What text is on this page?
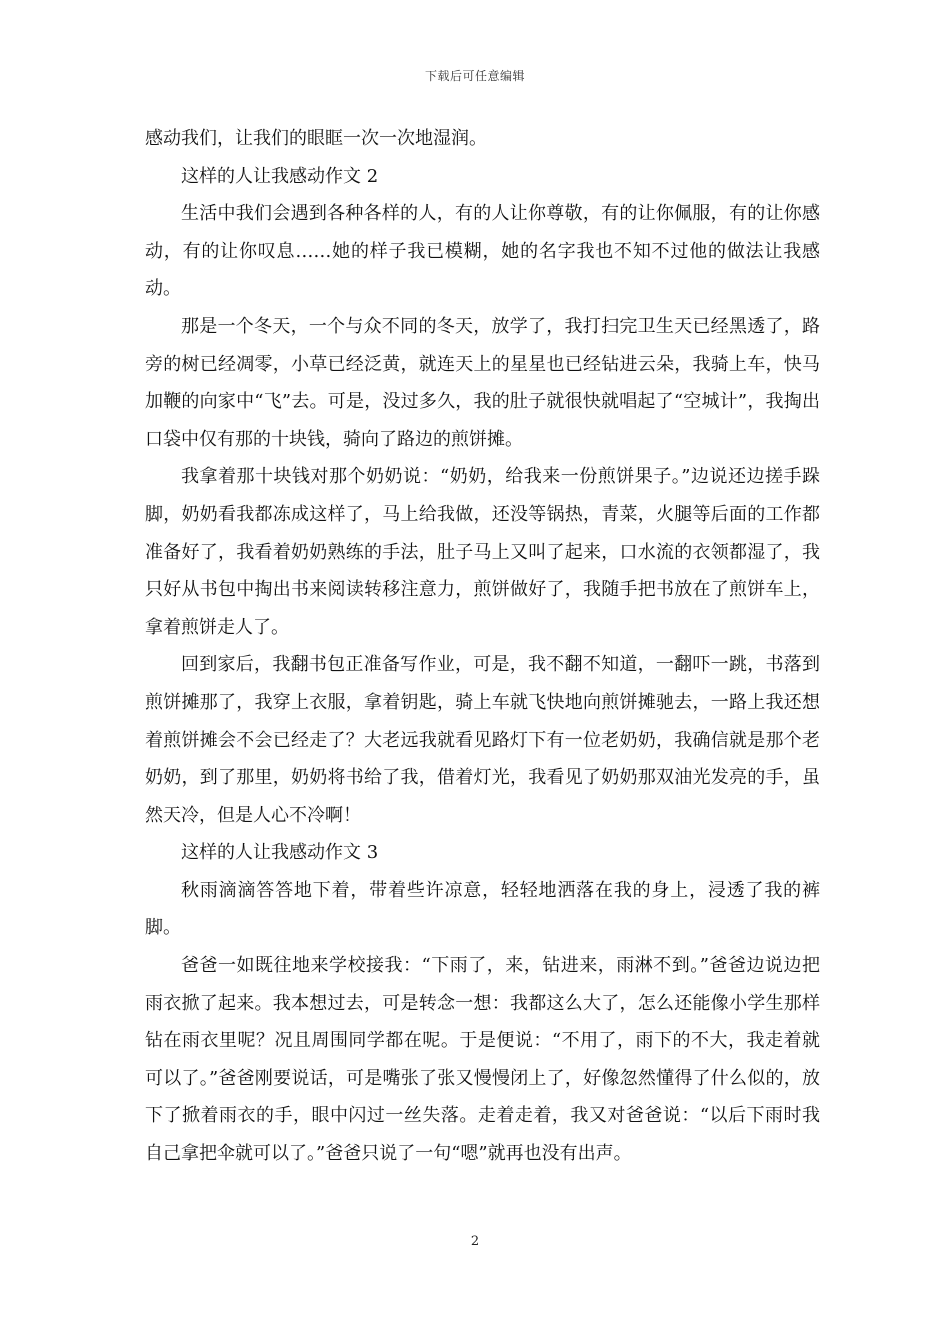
下载后可任意编辑

感动我们，让我们的眼眶一次一次地湿润。

这样的人让我感动作文 2

生活中我们会遇到各种各样的人，有的人让你尊敬，有的让你佩服，有的让你感动，有的让你叹息……她的样子我已模糊，她的名字我也不知不过他的做法让我感动。

那是一个冬天，一个与众不同的冬天，放学了，我打扫完卫生天已经黑透了，路旁的树已经凋零，小草已经泛黄，就连天上的星星也已经钻进云朵，我骑上车，快马加鞭的向家中“飞”去。可是，没过多久，我的肚子就很快就唱起了“空城计”，我掏出口袋中仅有那的十块钱，骑向了路边的煎饼摊。

我拿着那十块钱对那个奶奶说：“奶奶，给我来一份煎饼果子。”边说还边搓手跺脚，奶奶看我都冻成这样了，马上给我做，还没等锅热，青菜，火腿等后面的工作都准备好了，我看着奶奶熟练的手法，肚子马上又叫了起来，口水流的衣领都湿了，我只好从书包中掏出书来阅读转移注意力，煎饼做好了，我随手把书放在了煎饼车上，拿着煎饼走人了。

回到家后，我翻书包正准备写作业，可是，我不翻不知道，一翻吓一跳，书落到煎饼摊那了，我穿上衣服，拿着钥匙，骑上车就飞快地向煎饼摊驰去，一路上我还想着煎饼摊会不会已经走了？大老远我就看见路灯下有一位老奶奶，我确信就是那个老奶奶，到了那里，奶奶将书给了我，借着灯光，我看见了奶奶那双油光发亮的手，虽然天冷，但是人心不冷啊！

这样的人让我感动作文 3

秋雨滴滴答答地下着，带着些许凉意，轻轻地洒落在我的身上，浸透了我的裤脚。

爸爸一如既往地来学校接我：“下雨了，来，钻进来，雨淋不到。”爸爸边说边把雨衣掀了起来。我本想过去，可是转念一想：我都这么大了，怎么还能像小学生那样钻在雨衣里呢？况且周围同学都在呢。于是便说：“不用了，雨下的不大，我走着就可以了。”爸爸刚要说话，可是嘴张了张又慢慢闭上了，好像忽然懂得了什么似的，放下了掀着雨衣的手，眼中闪过一丝失落。走着走着，我又对爸爸说：“以后下雨时我自己拿把伞就可以了。”爸爸只说了一句“嗯”就再也没有出声。

2
